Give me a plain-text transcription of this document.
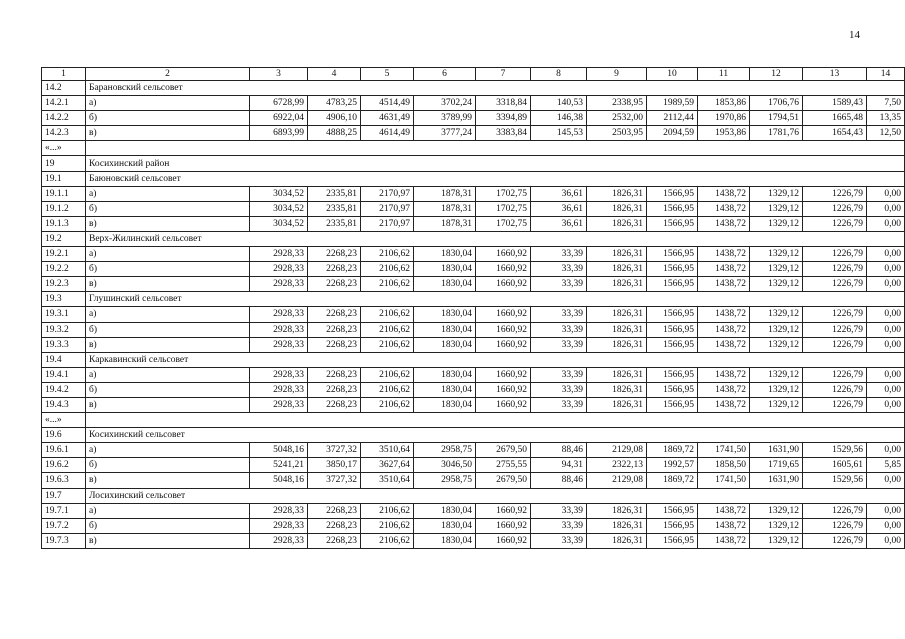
14
1	2	3	4	5	6	7	8	9	10	11	12	13	14
14.2	Барановский сельсовет												
14.2.1	а)	6728,99	4783,25	4514,49	3702,24	3318,84	140,53	2338,95	1989,59	1853,86	1706,76	1589,43	7,50
14.2.2	б)	6922,04	4906,10	4631,49	3789,99	3394,89	146,38	2532,00	2112,44	1970,86	1794,51	1665,48	13,35
14.2.3	в)	6893,99	4888,25	4614,49	3777,24	3383,84	145,53	2503,95	2094,59	1953,86	1781,76	1654,43	12,50
«...»													
19	Косихинский район												
19.1	Баюновский сельсовет												
19.1.1	а)	3034,52	2335,81	2170,97	1878,31	1702,75	36,61	1826,31	1566,95	1438,72	1329,12	1226,79	0,00
19.1.2	б)	3034,52	2335,81	2170,97	1878,31	1702,75	36,61	1826,31	1566,95	1438,72	1329,12	1226,79	0,00
19.1.3	в)	3034,52	2335,81	2170,97	1878,31	1702,75	36,61	1826,31	1566,95	1438,72	1329,12	1226,79	0,00
19.2	Верх-Жилинский сельсовет												
19.2.1	а)	2928,33	2268,23	2106,62	1830,04	1660,92	33,39	1826,31	1566,95	1438,72	1329,12	1226,79	0,00
19.2.2	б)	2928,33	2268,23	2106,62	1830,04	1660,92	33,39	1826,31	1566,95	1438,72	1329,12	1226,79	0,00
19.2.3	в)	2928,33	2268,23	2106,62	1830,04	1660,92	33,39	1826,31	1566,95	1438,72	1329,12	1226,79	0,00
19.3	Глушинский сельсовет												
19.3.1	а)	2928,33	2268,23	2106,62	1830,04	1660,92	33,39	1826,31	1566,95	1438,72	1329,12	1226,79	0,00
19.3.2	б)	2928,33	2268,23	2106,62	1830,04	1660,92	33,39	1826,31	1566,95	1438,72	1329,12	1226,79	0,00
19.3.3	в)	2928,33	2268,23	2106,62	1830,04	1660,92	33,39	1826,31	1566,95	1438,72	1329,12	1226,79	0,00
19.4	Каркавинский сельсовет												
19.4.1	а)	2928,33	2268,23	2106,62	1830,04	1660,92	33,39	1826,31	1566,95	1438,72	1329,12	1226,79	0,00
19.4.2	б)	2928,33	2268,23	2106,62	1830,04	1660,92	33,39	1826,31	1566,95	1438,72	1329,12	1226,79	0,00
19.4.3	в)	2928,33	2268,23	2106,62	1830,04	1660,92	33,39	1826,31	1566,95	1438,72	1329,12	1226,79	0,00
«...»													
19.6	Косихинский сельсовет												
19.6.1	а)	5048,16	3727,32	3510,64	2958,75	2679,50	88,46	2129,08	1869,72	1741,50	1631,90	1529,56	0,00
19.6.2	б)	5241,21	3850,17	3627,64	3046,50	2755,55	94,31	2322,13	1992,57	1858,50	1719,65	1605,61	5,85
19.6.3	в)	5048,16	3727,32	3510,64	2958,75	2679,50	88,46	2129,08	1869,72	1741,50	1631,90	1529,56	0,00
19.7	Лосихинский сельсовет												
19.7.1	а)	2928,33	2268,23	2106,62	1830,04	1660,92	33,39	1826,31	1566,95	1438,72	1329,12	1226,79	0,00
19.7.2	б)	2928,33	2268,23	2106,62	1830,04	1660,92	33,39	1826,31	1566,95	1438,72	1329,12	1226,79	0,00
19.7.3	в)	2928,33	2268,23	2106,62	1830,04	1660,92	33,39	1826,31	1566,95	1438,72	1329,12	1226,79	0,00
